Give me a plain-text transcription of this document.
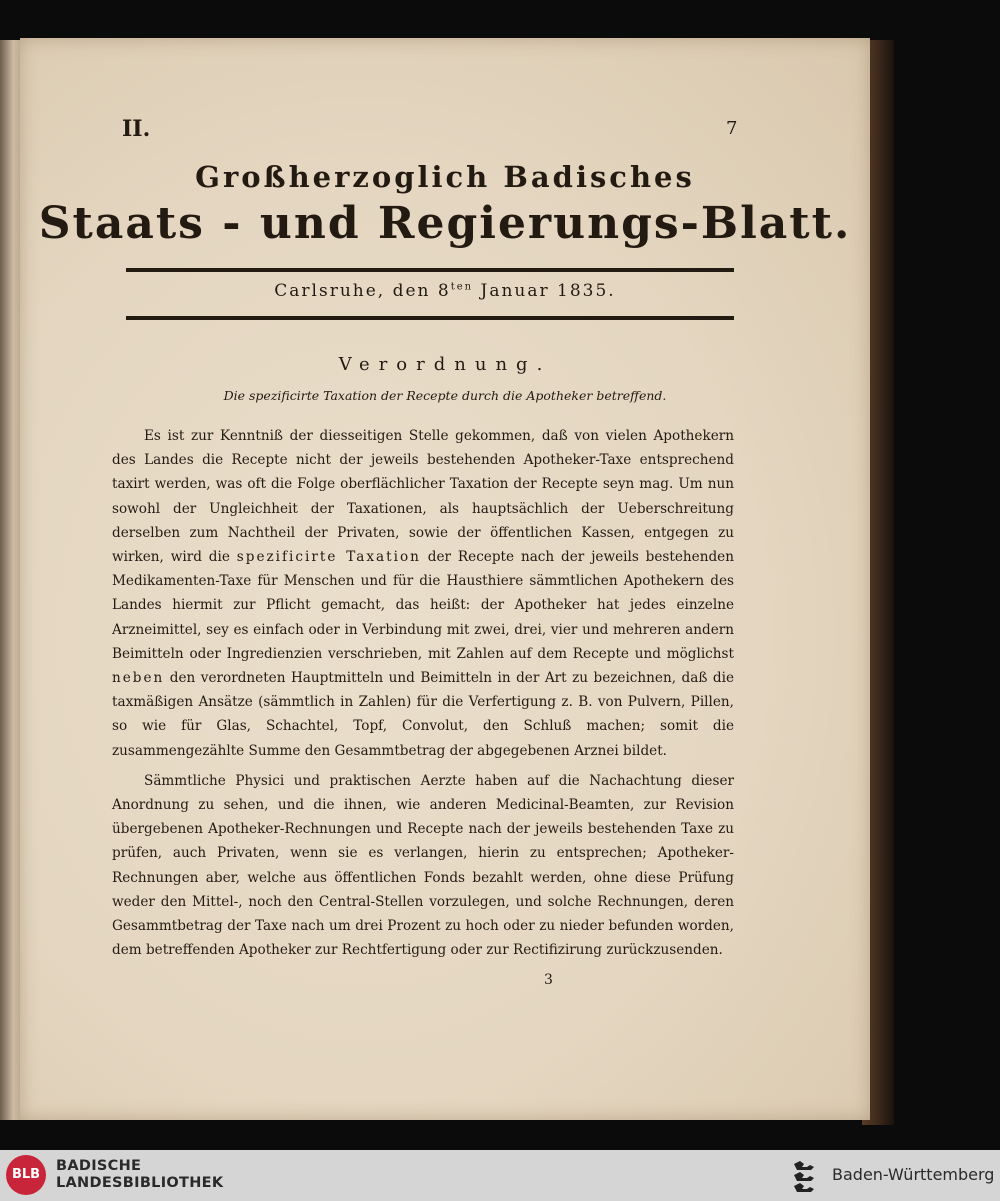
II.	7
Großherzoglich Badisches
Staats - und Regierungs-Blatt.
Carlsruhe, den $8^{ten}$ Januar 1835.
Verordnung.
Die spezificirte Taxation der Recepte durch die Apotheker betreffend.

Es ist zur Kenntniß der diesseitigen Stelle gekommen, daß von vielen Apothekern des Landes die Recepte nicht der jeweils bestehenden Apotheker-Taxe entsprechend taxirt werden, was oft die Folge oberflächlicher Taxation der Recepte seyn mag. Um nun sowohl der Ungleichheit der Taxationen, als hauptsächlich der Ueberschreitung derselben zum Nachtheil der Privaten, sowie der öffentlichen Kassen, entgegen zu wirken, wird die spezificirte Taxation der Recepte nach der jeweils bestehenden Medikamenten-Taxe für Menschen und für die Hausthiere sämmtlichen Apothekern des Landes hiermit zur Pflicht gemacht, das heißt: der Apotheker hat jedes einzelne Arzneimittel, sey es einfach oder in Verbindung mit zwei, drei, vier und mehreren andern Beimitteln oder Ingredienzien verschrieben, mit Zahlen auf dem Recepte und möglichst neben den verordneten Hauptmitteln und Beimitteln in der Art zu bezeichnen, daß die taxmäßigen Ansätze (sämmtlich in Zahlen) für die Verfertigung z. B. von Pulvern, Pillen, so wie für Glas, Schachtel, Topf, Convolut, den Schluß machen; somit die zusammengezählte Summe den Gesammtbetrag der abgegebenen Arznei bildet.

Sämmtliche Physici und praktischen Aerzte haben auf die Nachachtung dieser Anordnung zu sehen, und die ihnen, wie anderen Medicinal-Beamten, zur Revision übergebenen Apotheker-Rechnungen und Recepte nach der jeweils bestehenden Taxe zu prüfen, auch Privaten, wenn sie es verlangen, hierin zu entsprechen; Apotheker-Rechnungen aber, welche aus öffentlichen Fonds bezahlt werden, ohne diese Prüfung weder den Mittel-, noch den Central-Stellen vorzulegen, und solche Rechnungen, deren Gesammtbetrag der Taxe nach um drei Prozent zu hoch oder zu nieder befunden worden, dem betreffenden Apotheker zur Rechtfertigung oder zur Rectifizirung zurückzusenden.

3
BLB
BADISCHE
LANDESBIBLIOTHEK	Baden-Württemberg
